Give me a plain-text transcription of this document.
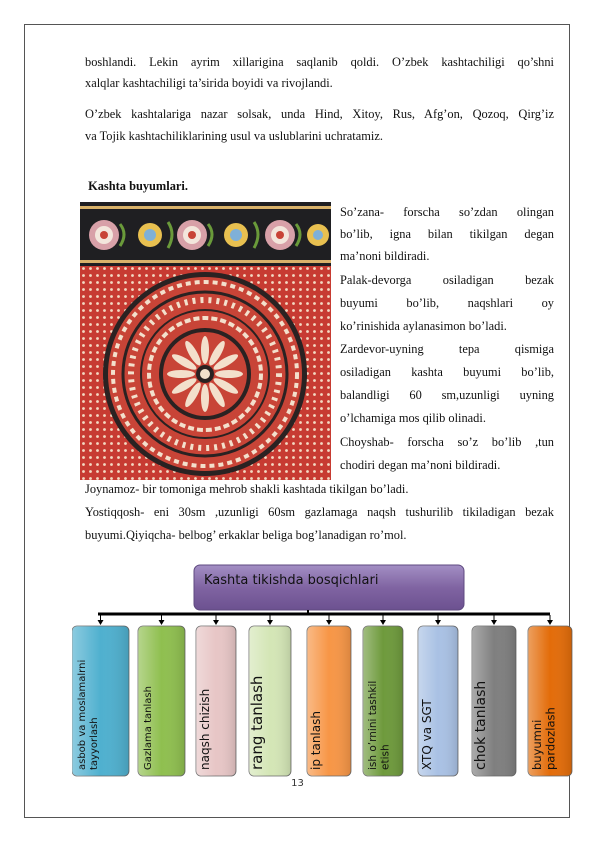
boshlandi. Lekin ayrim xillarigina saqlanib qoldi. O’zbek kashtachiligi qo’shni
xalqlar kashtachiligi ta’sirida boyidi va rivojlandi.
O’zbek kashtalariga nazar solsak, unda Hind, Xitoy, Rus, Afg’on, Qozoq, Qirg’iz
va Tojik kashtachiliklarining usul va uslublarini uchratamiz.
Kashta buyumlari.
So’zana- forscha so’zdan olingan
bo’lib, igna bilan tikilgan degan
ma’noni bildiradi.
Palak-devorga osiladigan bezak
buyumi bo’lib, naqshlari oy
ko’rinishida aylanasimon bo’ladi.
Zardevor-uyning tepa qismiga
osiladigan kashta buyumi bo’lib,
balandligi 60 sm,uzunligi uyning
o’lchamiga mos qilib olinadi.
Choyshab- forscha so’z bo’lib ,tun
chodiri degan ma’noni bildiradi.
Joynamoz- bir tomoniga mehrob shakli kashtada tikilgan bo’ladi.
Yostiqqosh- eni 30sm ,uzunligi 60sm gazlamaga naqsh tushurilib tikiladigan bezak
buyumi.Qiyiqcha- belbog’ erkaklar beliga bog’lanadigan ro’mol.
Kashta tikishda bosqichlari
asbob va moslamalrni tayyorlash	Gazlama tanlash	naqsh chizish rang tanlash	ip tanlash	ish o’rnini tashkil etish XTQ va SGT	chok tanlash	buyumni pardozlash
13
